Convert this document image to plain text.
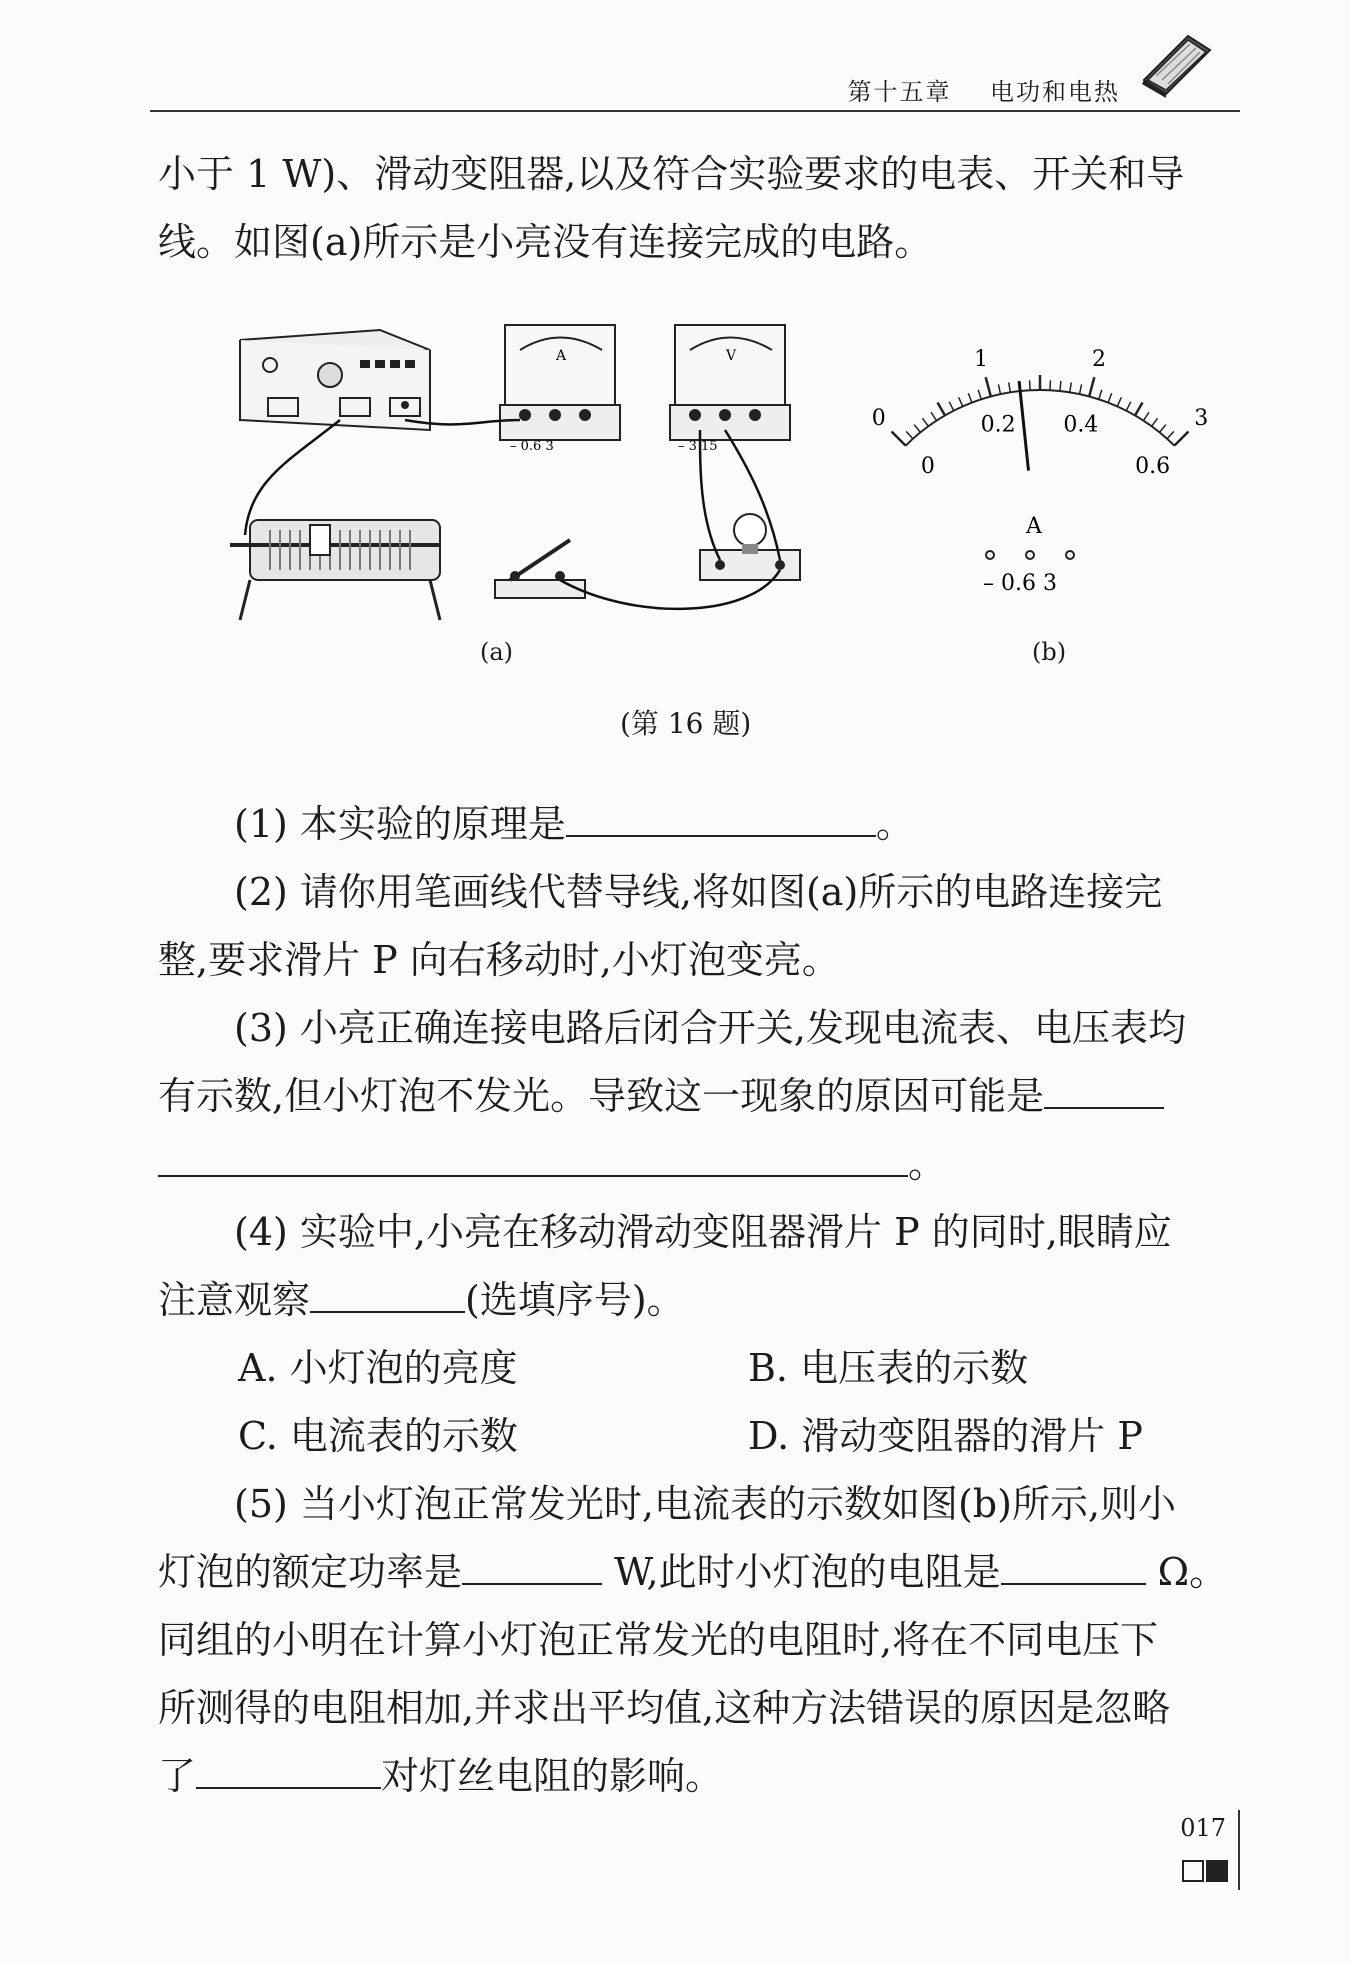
第十五章 电功和电热

小于 1 W)、滑动变阻器,以及符合实验要求的电表、开关和导

线。如图(a)所示是小亮没有连接完成的电路。

A
– 0.6 3
V
– 3 15
(a)
0
1	2
3
0
0.2 0.4
0.6
A
– 0.6 3
(b)
(第 16 题)

(1) 本实验的原理是	。

(2) 请你用笔画线代替导线,将如图(a)所示的电路连接完

整,要求滑片 P 向右移动时,小灯泡变亮。

(3) 小亮正确连接电路后闭合开关,发现电流表、电压表均

有示数,但小灯泡不发光。导致这一现象的原因可能是

。

(4) 实验中,小亮在移动滑动变阻器滑片 P 的同时,眼睛应

注意观察	(选填序号)。

A. 小灯泡的亮度	B. 电压表的示数
C. 电流表的示数	D. 滑动变阻器的滑片 P

(5) 当小灯泡正常发光时,电流表的示数如图(b)所示,则小

灯泡的额定功率是	W,此时小灯泡的电阻是	Ω。

同组的小明在计算小灯泡正常发光的电阻时,将在不同电压下

所测得的电阻相加,并求出平均值,这种方法错误的原因是忽略

了	对灯丝电阻的影响。

017
